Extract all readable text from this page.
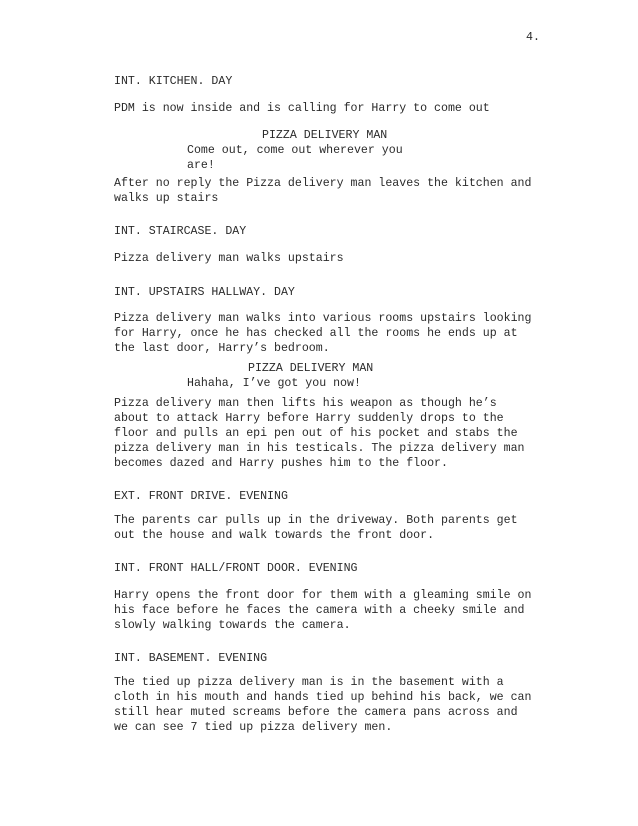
4.
INT. KITCHEN. DAY
PDM is now inside and is calling for Harry to come out
PIZZA DELIVERY MAN
Come out, come out wherever you
are!
After no reply the Pizza delivery man leaves the kitchen and
walks up stairs
INT. STAIRCASE. DAY
Pizza delivery man walks upstairs
INT. UPSTAIRS HALLWAY. DAY
Pizza delivery man walks into various rooms upstairs looking
for Harry, once he has checked all the rooms he ends up at
the last door, Harry’s bedroom.
PIZZA DELIVERY MAN
Hahaha, I’ve got you now!
Pizza delivery man then lifts his weapon as though he’s
about to attack Harry before Harry suddenly drops to the
floor and pulls an epi pen out of his pocket and stabs the
pizza delivery man in his testicals. The pizza delivery man
becomes dazed and Harry pushes him to the floor.
EXT. FRONT DRIVE. EVENING
The parents car pulls up in the driveway. Both parents get
out the house and walk towards the front door.
INT. FRONT HALL/FRONT DOOR. EVENING
Harry opens the front door for them with a gleaming smile on
his face before he faces the camera with a cheeky smile and
slowly walking towards the camera.
INT. BASEMENT. EVENING
The tied up pizza delivery man is in the basement with a
cloth in his mouth and hands tied up behind his back, we can
still hear muted screams before the camera pans across and
we can see 7 tied up pizza delivery men.
